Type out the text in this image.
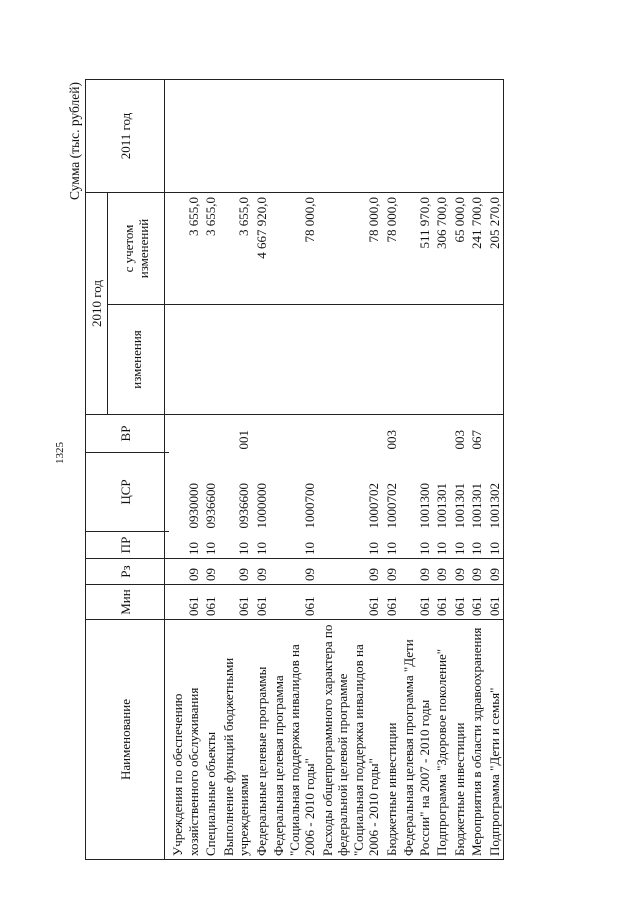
1325
Сумма (тыс. рублей)
Наименование	Мин	Рз	ПР	ЦСР	ВР	2010 год		2011 год
						изменения	с учетом изменений	

Учреждения по обеспечению хозяйственного обслуживания	061	09	10	0930000			3 655,0	
Специальные объекты	061	09	10	0936600			3 655,0	
Выполнение функций бюджетными учреждениями	061	09	10	0936600	001		3 655,0	
Федеральные целевые программы	061	09	10	1000000			4 667 920,0	
Федеральная целевая программа "Социальная поддержка инвалидов на 2006 - 2010 годы"	061	09	10	1000700			78 000,0	
Расходы общепрограммного характера по федеральной целевой программе "Социальная поддержка инвалидов на 2006 - 2010 годы"	061	09	10	1000702			78 000,0	
Бюджетные инвестиции	061	09	10	1000702	003		78 000,0	
Федеральная целевая программа "Дети России" на 2007 - 2010 годы	061	09	10	1001300			511 970,0	
Подпрограмма "Здоровое поколение"	061	09	10	1001301			306 700,0	
Бюджетные инвестиции	061	09	10	1001301	003		65 000,0	
Мероприятия в области здравоохранения	061	09	10	1001301	067		241 700,0	
Подпрограмма "Дети и семья"	061	09	10	1001302			205 270,0	
